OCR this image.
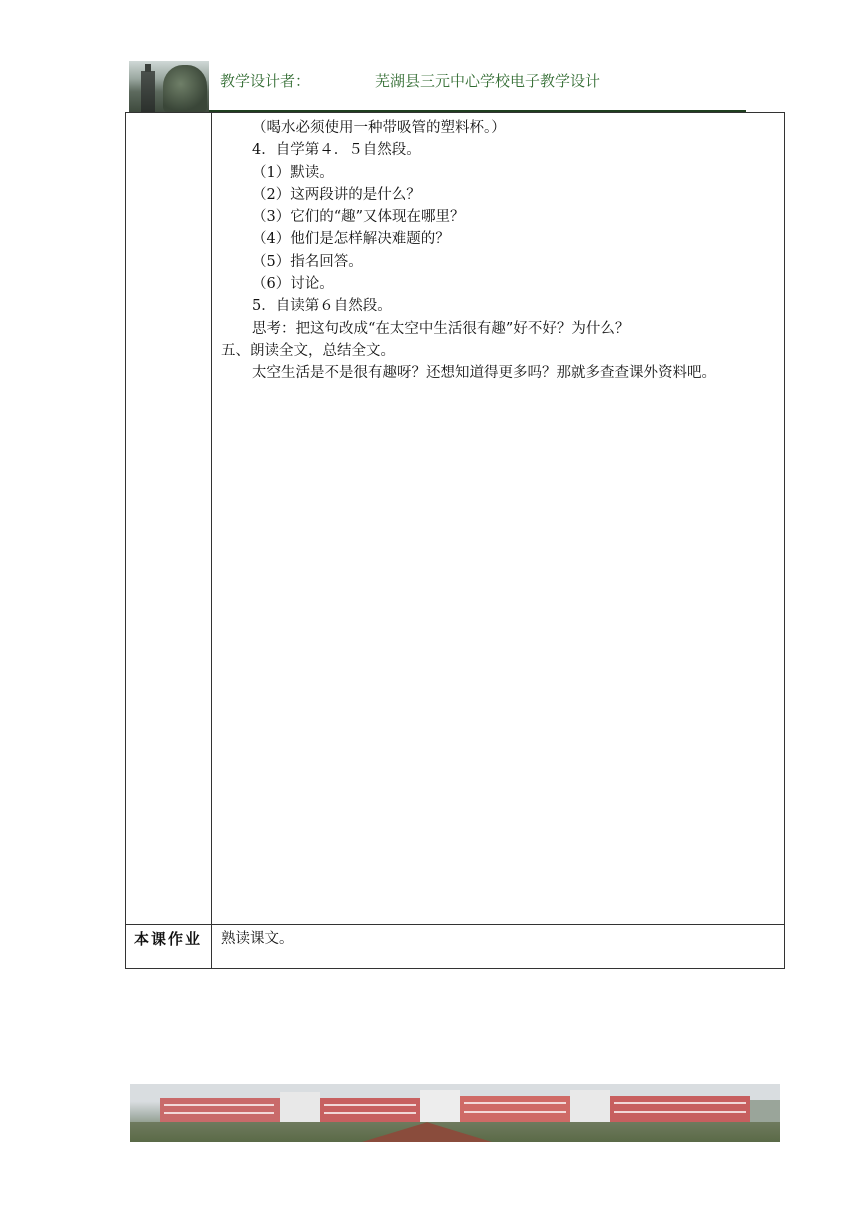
教学设计者：	芜湖县三元中心学校电子教学设计

（喝水必须使用一种带吸管的塑料杯。）

4．自学第４．５自然段。

（1）默读。

（2）这两段讲的是什么？

（3）它们的“趣”又体现在哪里？

（4）他们是怎样解决难题的？

（5）指名回答。

（6）讨论。

5．自读第６自然段。

思考：把这句改成“在太空中生活很有趣”好不好？为什么？

五、朗读全文，总结全文。

太空生活是不是很有趣呀？还想知道得更多吗？那就多查查课外资料吧。

本课作业 熟读课文。
